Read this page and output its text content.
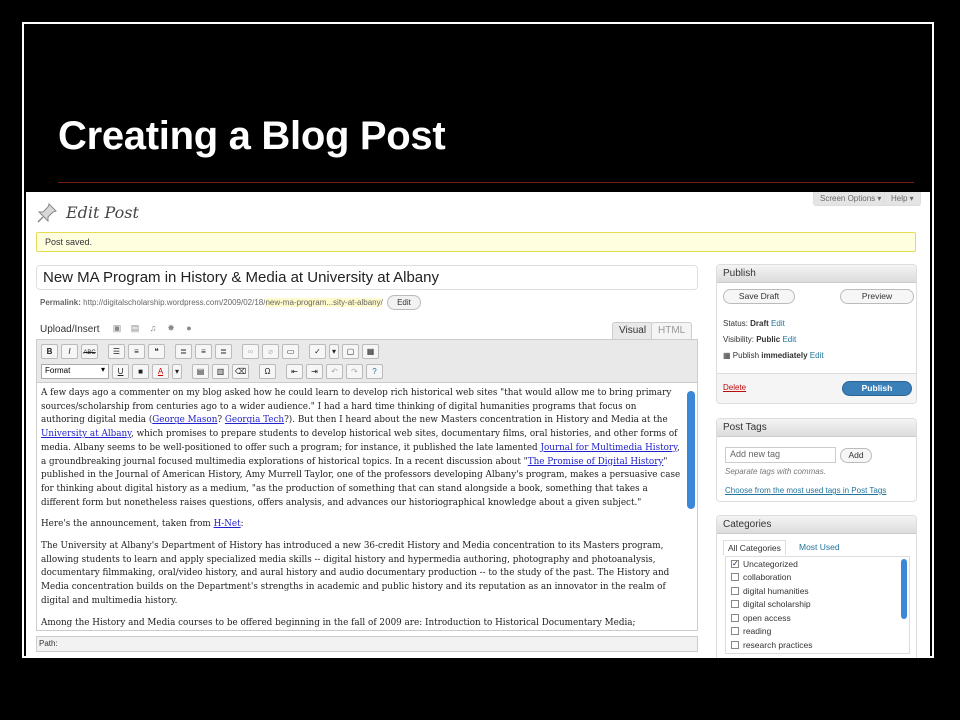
Creating a Blog Post
Edit Post
Screen Options ▾	Help ▾
Post saved.
New MA Program in History & Media at University at Albany
Permalink: http://digitalscholarship.wordpress.com/2009/02/18/new-ma-program...sity-at-albany/ Edit
Upload/Insert ▣ ▤ ♫ ✸ ●	Visual	HTML
B	I	ABC	☰	≡	❝	≣	≡	≣	∞	⌀	▭	✓	▾	▢	▦
Format ▾	U	■	A	▾	▤	▥	⌫	Ω	⇤	⇥	↶	↷	?

A few days ago a commenter on my blog asked how he could learn to develop rich historical web sites "that would allow me to bring primary sources/scholarship from centuries ago to a wider audience." I had a hard time thinking of digital humanities programs that focus on authoring digital media (George Mason? Georgia Tech?). But then I heard about the new Masters concentration in History and Media at the University at Albany, which promises to prepare students to develop historical web sites, documentary films, oral histories, and other forms of media. Albany seems to be well-positioned to offer such a program; for instance, it published the late lamented Journal for Multimedia History, a groundbreaking journal focused multimedia explorations of historical topics. In a recent discussion about "The Promise of Digital History" published in the Journal of American History, Amy Murrell Taylor, one of the professors developing Albany's program, makes a persuasive case for thinking about digital history as a medium, "as the production of something that can stand alongside a book, something that takes a different form but nonetheless raises questions, offers analysis, and advances our historiographical knowledge about a given subject."

Here's the announcement, taken from H-Net:

The University at Albany's Department of History has introduced a new 36-credit History and Media concentration to its Masters program, allowing students to learn and apply specialized media skills -- digital history and hypermedia authoring, photography and photoanalysis, documentary filmmaking, oral/video history, and aural history and audio documentary production -- to the study of the past. The History and Media concentration builds on the Department's strengths in academic and public history and its reputation as an innovator in the realm of digital and multimedia history.

Among the History and Media courses to be offered beginning in the fall of 2009 are: Introduction to Historical Documentary Media;

Path:
Publish
Save Draft	Preview
Status: Draft Edit
Visibility: Public Edit
▦ Publish immediately Edit
Delete	Publish
Post Tags
Add new tag	Add
Separate tags with commas.
Choose from the most used tags in Post Tags
Categories
All Categories	Most Used
✓ Uncategorized
collaboration
digital humanities
digital scholarship
open access
reading
research practices
